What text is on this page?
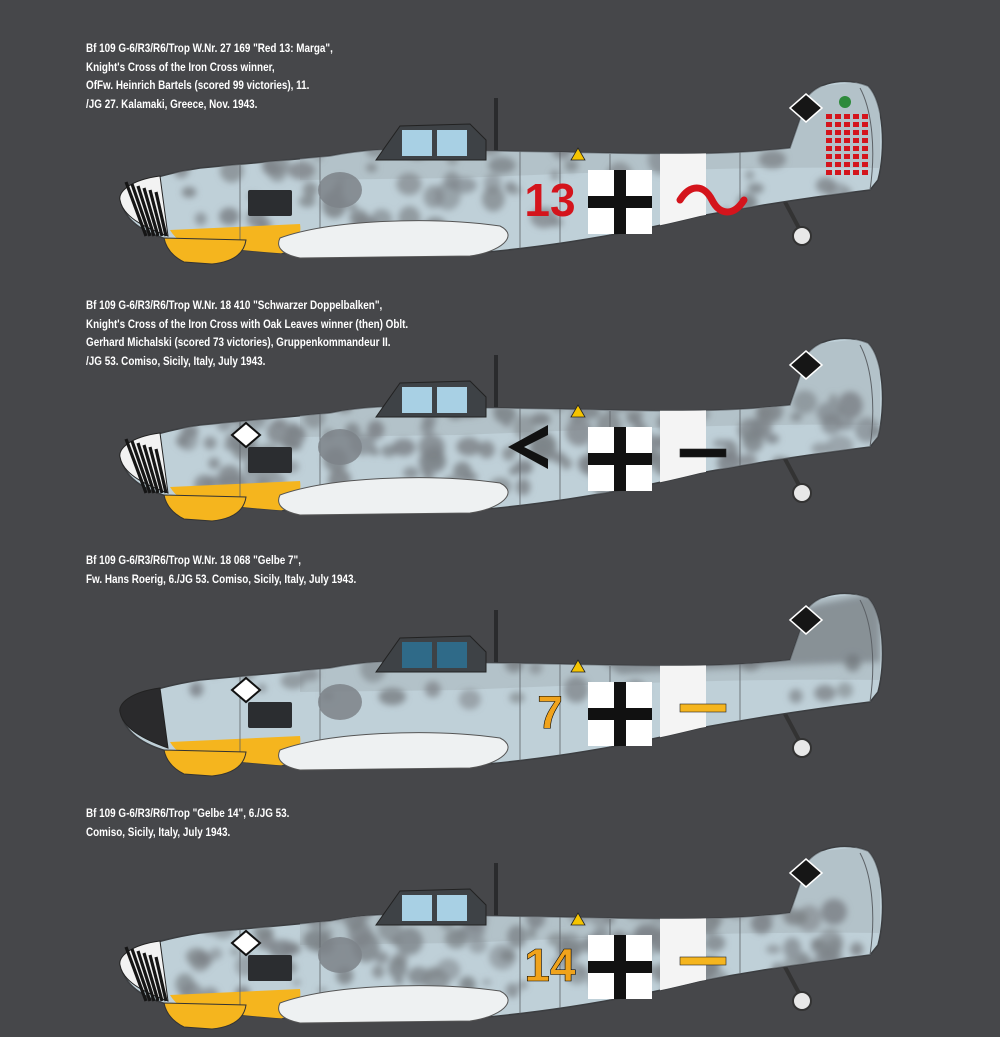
Bf 109 G-6/R3/R6/Trop W.Nr. 27 169 "Red 13: Marga",
Knight's Cross of the Iron Cross winner,
OfFw. Heinrich Bartels (scored 99 victories), 11.
/JG 27. Kalamaki, Greece, Nov. 1943.
13
Bf 109 G-6/R3/R6/Trop W.Nr. 18 410 "Schwarzer Doppelbalken",
Knight's Cross of the Iron Cross with Oak Leaves winner (then) Oblt.
Gerhard Michalski (scored 73 victories), Gruppenkommandeur II.
/JG 53. Comiso, Sicily, Italy, July 1943.
Bf 109 G-6/R3/R6/Trop W.Nr. 18 068 "Gelbe 7",
Fw. Hans Roerig, 6./JG 53. Comiso, Sicily, Italy, July 1943.
7
Bf 109 G-6/R3/R6/Trop "Gelbe 14", 6./JG 53.
Comiso, Sicily, Italy, July 1943.
14
